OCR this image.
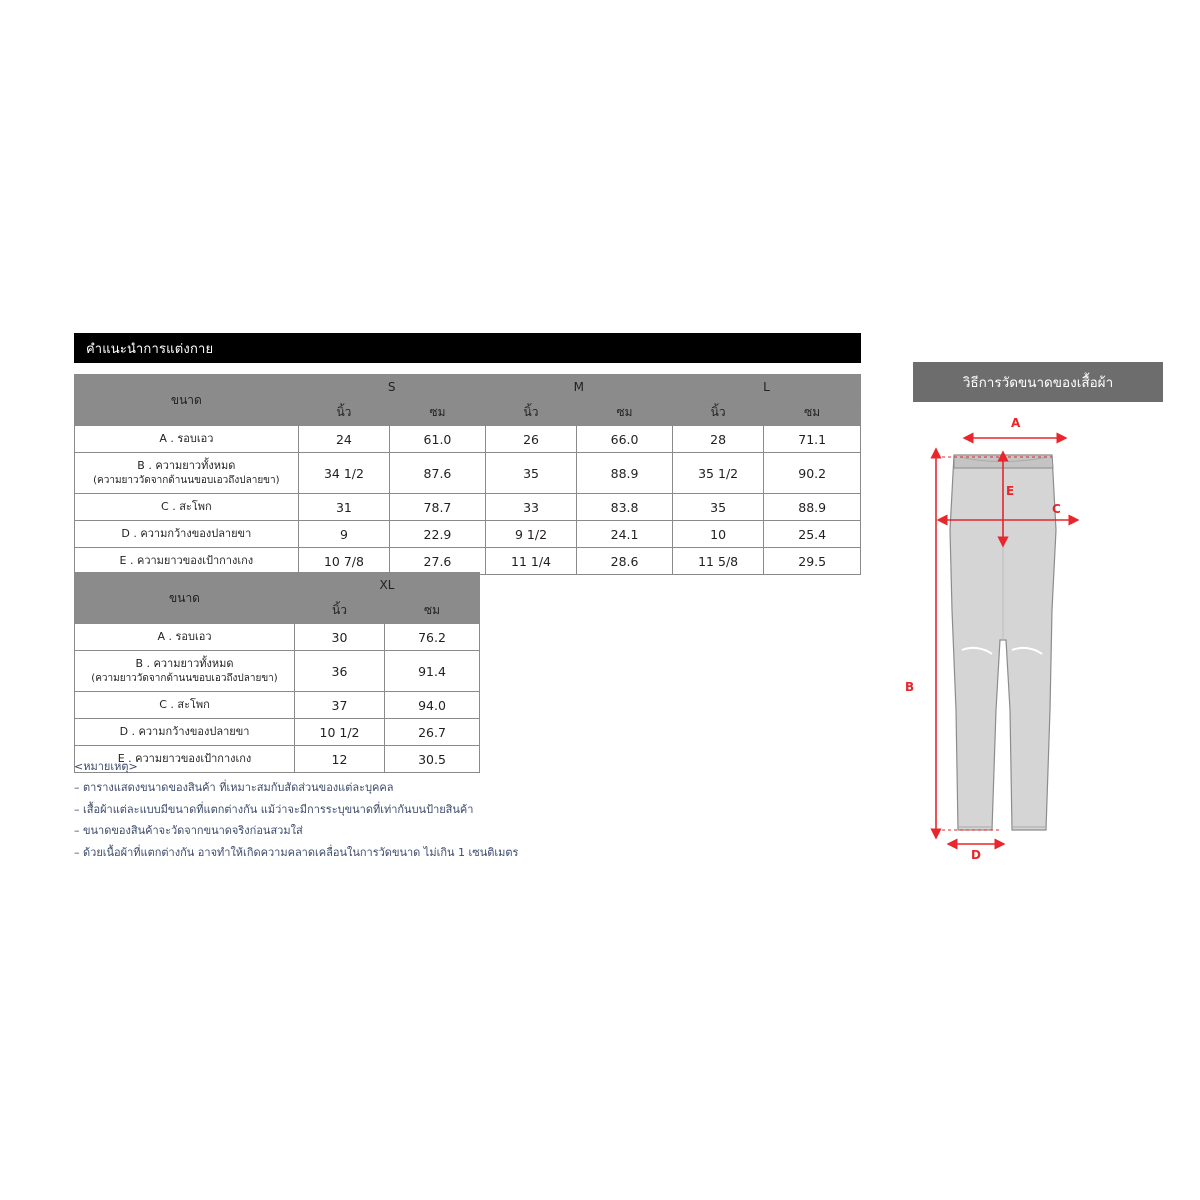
คำแนะนำการแต่งกาย
ขนาด	S		M		L	
	นิ้ว	ซม	นิ้ว	ซม	นิ้ว	ซม
A . รอบเอว	24	61.0	26	66.0	28	71.1

B . ความยาวทั้งหมด
(ความยาววัดจากด้านนขอบเอวถึงปลายขา)	34 1/2	87.6	35	88.9	35 1/2	90.2
C . สะโพก	31	78.7	33	83.8	35	88.9
D . ความกว้างของปลายขา	9	22.9	9 1/2	24.1	10	25.4
E . ความยาวของเป้ากางเกง	10 7/8	27.6	11 1/4	28.6	11 5/8	29.5
ขนาด	XL	
	นิ้ว	ซม
A . รอบเอว	30	76.2

B . ความยาวทั้งหมด
(ความยาววัดจากด้านนขอบเอวถึงปลายขา)	36	91.4
C . สะโพก	37	94.0
D . ความกว้างของปลายขา	10 1/2	26.7
E . ความยาวของเป้ากางเกง	12	30.5
<หมายเหตุ>
– ตารางแสดงขนาดของสินค้า ที่เหมาะสมกับสัดส่วนของแต่ละบุคคล
– เสื้อผ้าแต่ละแบบมีขนาดที่แตกต่างกัน แม้ว่าจะมีการระบุขนาดที่เท่ากันบนป้ายสินค้า
– ขนาดของสินค้าจะวัดจากขนาดจริงก่อนสวมใส่
– ด้วยเนื้อผ้าที่แตกต่างกัน อาจทำให้เกิดความคลาดเคลื่อนในการวัดขนาด ไม่เกิน 1 เซนติเมตร
วิธีการวัดขนาดของเสื้อผ้า
A
C
E
B
D
